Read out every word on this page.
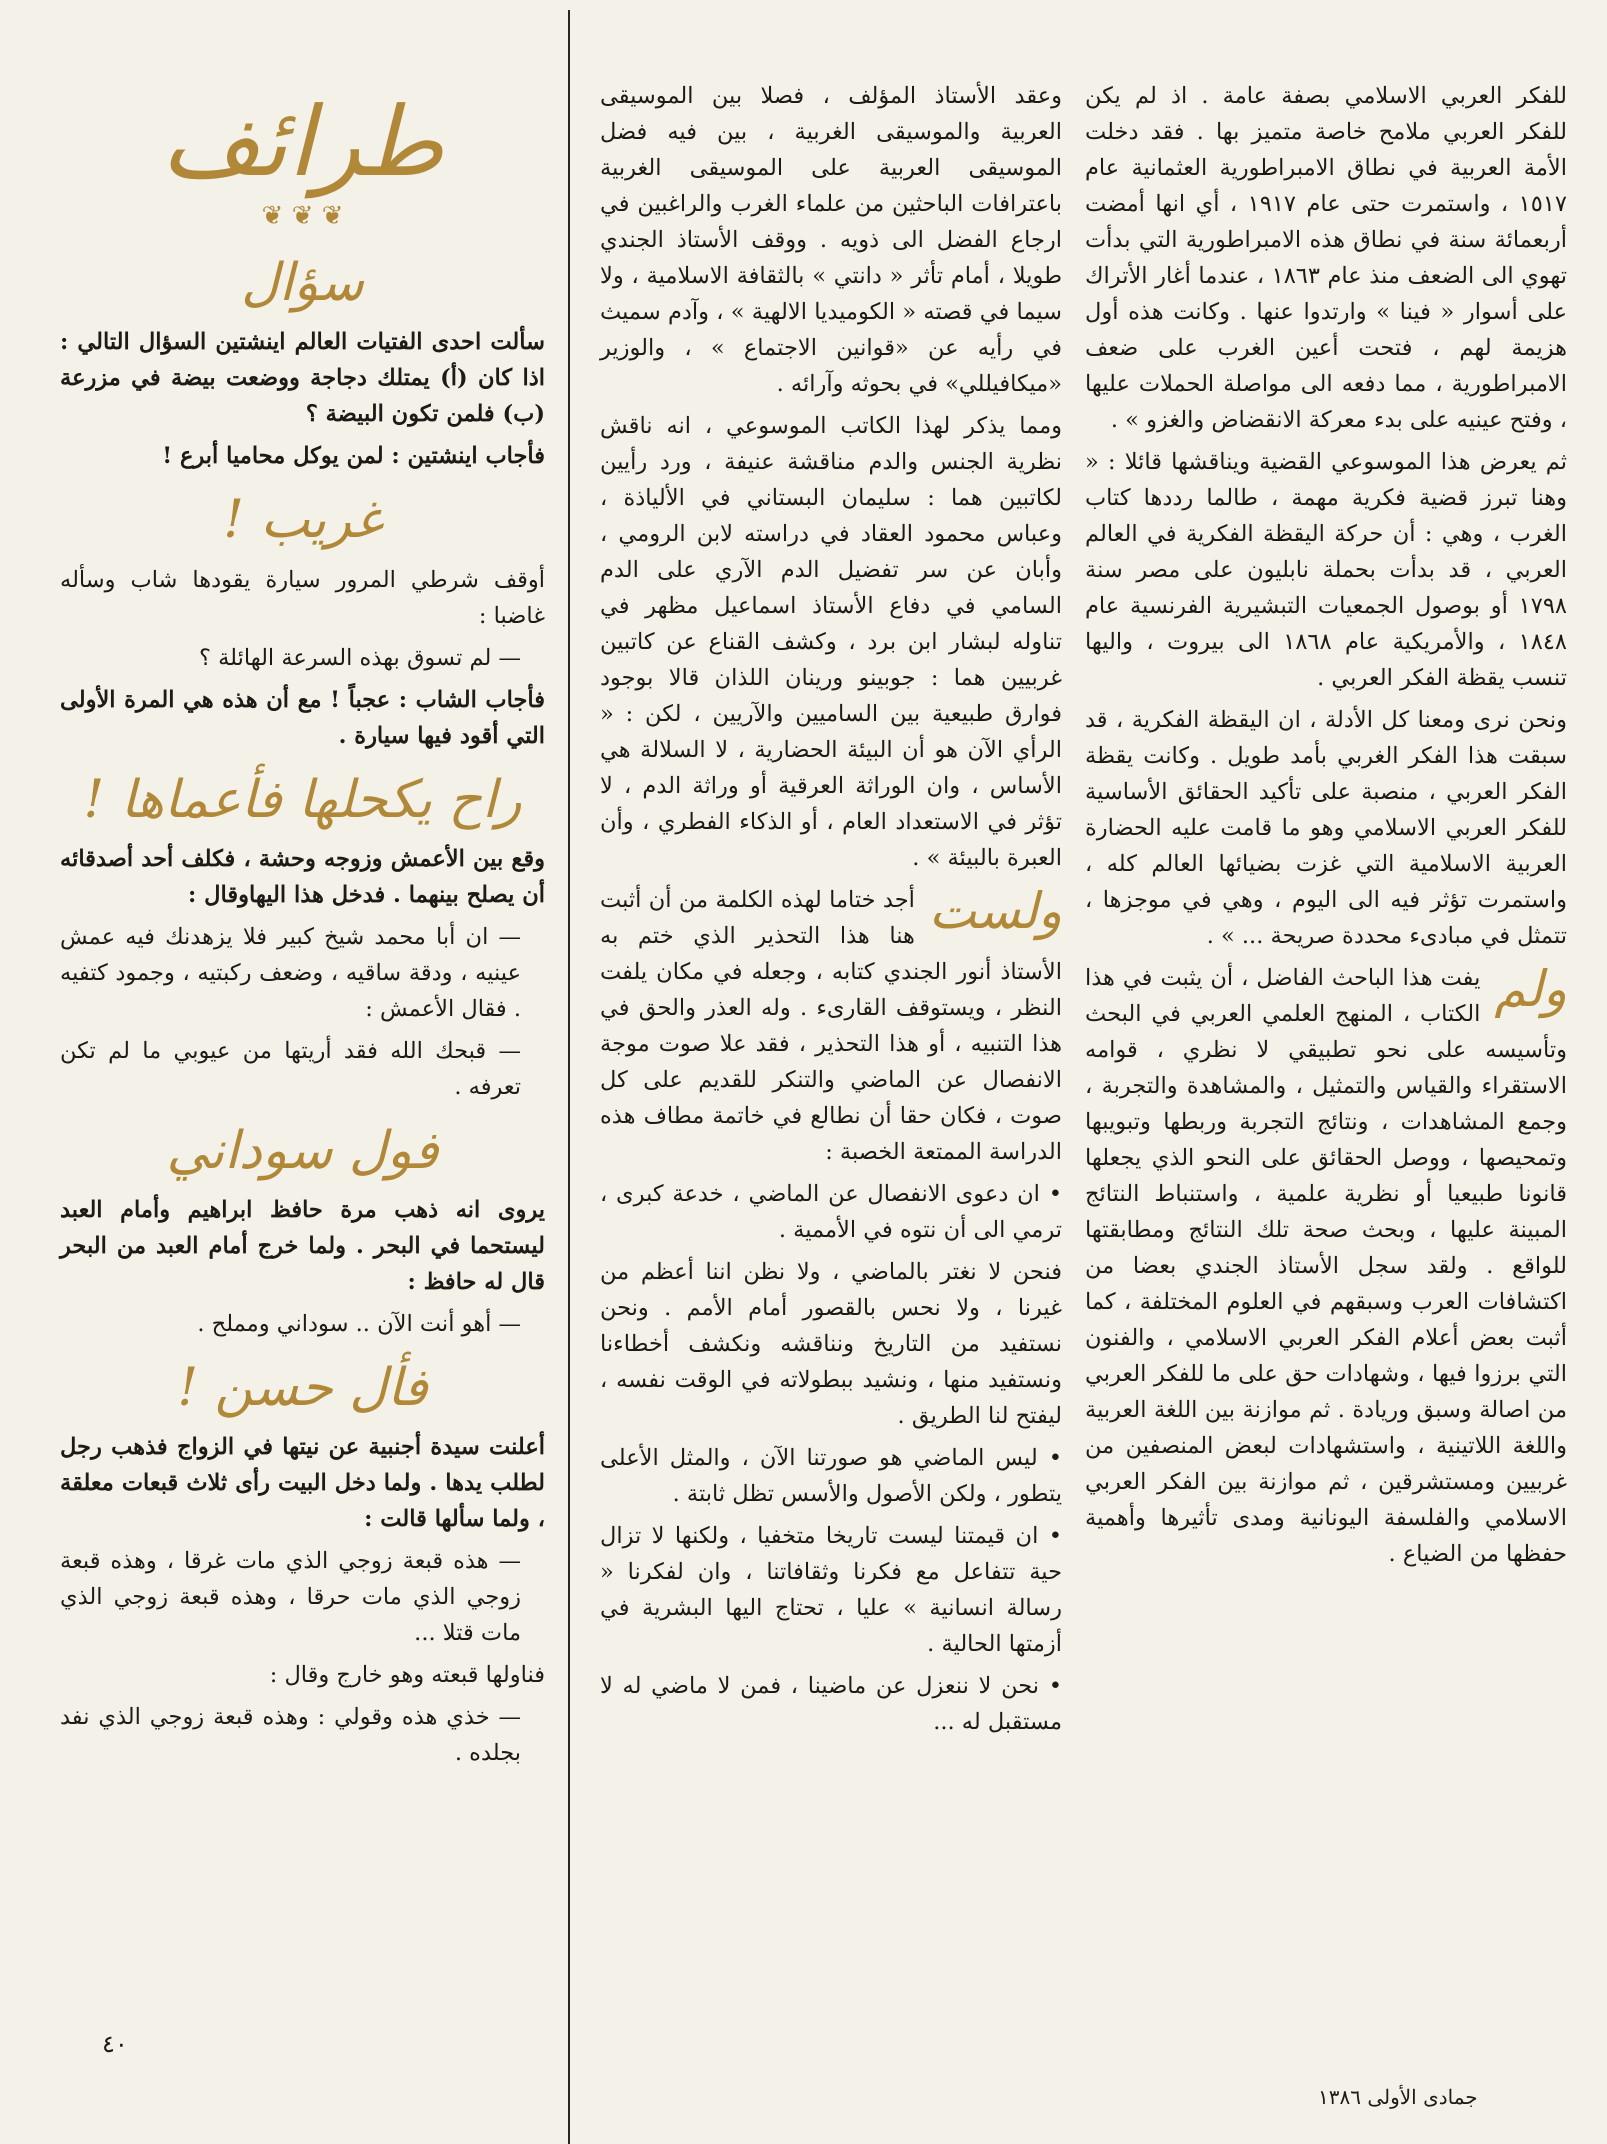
للفكر العربي الاسلامي بصفة عامة . اذ لم يكن للفكر العربي ملامح خاصة متميز بها . فقد دخلت الأمة العربية في نطاق الامبراطورية العثمانية عام ١٥١٧ ، واستمرت حتى عام ١٩١٧ ، أي انها أمضت أربعمائة سنة في نطاق هذه الامبراطورية التي بدأت تهوي الى الضعف منذ عام ١٨٦٣ ، عندما أغار الأتراك على أسوار « فينا » وارتدوا عنها . وكانت هذه أول هزيمة لهم ، فتحت أعين الغرب على ضعف الامبراطورية ، مما دفعه الى مواصلة الحملات عليها ، وفتح عينيه على بدء معركة الانقضاض والغزو » .

ثم يعرض هذا الموسوعي القضية ويناقشها قائلا : « وهنا تبرز قضية فكرية مهمة ، طالما رددها كتاب الغرب ، وهي : أن حركة اليقظة الفكرية في العالم العربي ، قد بدأت بحملة نابليون على مصر سنة ١٧٩٨ أو بوصول الجمعيات التبشيرية الفرنسية عام ١٨٤٨ ، والأمريكية عام ١٨٦٨ الى بيروت ، واليها تنسب يقظة الفكر العربي .

ونحن نرى ومعنا كل الأدلة ، ان اليقظة الفكرية ، قد سبقت هذا الفكر الغربي بأمد طويل . وكانت يقظة الفكر العربي ، منصبة على تأكيد الحقائق الأساسية للفكر العربي الاسلامي وهو ما قامت عليه الحضارة العربية الاسلامية التي غزت بضيائها العالم كله ، واستمرت تؤثر فيه الى اليوم ، وهي في موجزها ، تتمثل في مبادىء محددة صريحة ... » .

ولم
يفت هذا الباحث الفاضل ، أن يثبت في هذا الكتاب ، المنهج العلمي العربي في البحث وتأسيسه على نحو تطبيقي لا نظري ، قوامه الاستقراء والقياس والتمثيل ، والمشاهدة والتجربة ، وجمع المشاهدات ، ونتائج التجربة وربطها وتبويبها وتمحيصها ، ووصل الحقائق على النحو الذي يجعلها قانونا طبيعيا أو نظرية علمية ، واستنباط النتائج المبينة عليها ، وبحث صحة تلك النتائج ومطابقتها للواقع . ولقد سجل الأستاذ الجندي بعضا من اكتشافات العرب وسبقهم في العلوم المختلفة ، كما أثبت بعض أعلام الفكر العربي الاسلامي ، والفنون التي برزوا فيها ، وشهادات حق على ما للفكر العربي من اصالة وسبق وريادة . ثم موازنة بين اللغة العربية واللغة اللاتينية ، واستشهادات لبعض المنصفين من غربيين ومستشرقين ، ثم موازنة بين الفكر العربي الاسلامي والفلسفة اليونانية ومدى تأثيرها وأهمية حفظها من الضياع .

وعقد الأستاذ المؤلف ، فصلا بين الموسيقى العربية والموسيقى الغربية ، بين فيه فضل الموسيقى العربية على الموسيقى الغربية باعترافات الباحثين من علماء الغرب والراغبين في ارجاع الفضل الى ذويه . ووقف الأستاذ الجندي طويلا ، أمام تأثر « دانتي » بالثقافة الاسلامية ، ولا سيما في قصته « الكوميديا الالهية » ، وآدم سميث في رأيه عن «قوانين الاجتماع » ، والوزير «ميكافيللي» في بحوثه وآرائه .

ومما يذكر لهذا الكاتب الموسوعي ، انه ناقش نظرية الجنس والدم مناقشة عنيفة ، ورد رأيين لكاتبين هما : سليمان البستاني في الألياذة ، وعباس محمود العقاد في دراسته لابن الرومي ، وأبان عن سر تفضيل الدم الآري على الدم السامي في دفاع الأستاذ اسماعيل مظهر في تناوله لبشار ابن برد ، وكشف القناع عن كاتبين غربيين هما : جوبينو ورينان اللذان قالا بوجود فوارق طبيعية بين الساميين والآريين ، لكن : « الرأي الآن هو أن البيئة الحضارية ، لا السلالة هي الأساس ، وان الوراثة العرقية أو وراثة الدم ، لا تؤثر في الاستعداد العام ، أو الذكاء الفطري ، وأن العبرة بالبيئة » .

ولست
أجد ختاما لهذه الكلمة من أن أثبت هنا هذا التحذير الذي ختم به الأستاذ أنور الجندي كتابه ، وجعله في مكان يلفت النظر ، ويستوقف القارىء . وله العذر والحق في هذا التنبيه ، أو هذا التحذير ، فقد علا صوت موجة الانفصال عن الماضي والتنكر للقديم على كل صوت ، فكان حقا أن نطالع في خاتمة مطاف هذه الدراسة الممتعة الخصبة :

• ان دعوى الانفصال عن الماضي ، خدعة كبرى ، ترمي الى أن نتوه في الأممية .

فنحن لا نغتر بالماضي ، ولا نظن اننا أعظم من غيرنا ، ولا نحس بالقصور أمام الأمم . ونحن نستفيد من التاريخ ونناقشه ونكشف أخطاءنا ونستفيد منها ، ونشيد ببطولاته في الوقت نفسه ، ليفتح لنا الطريق .

• ليس الماضي هو صورتنا الآن ، والمثل الأعلى يتطور ، ولكن الأصول والأسس تظل ثابتة .

• ان قيمتنا ليست تاريخا متخفيا ، ولكنها لا تزال حية تتفاعل مع فكرنا وثقافاتنا ، وان لفكرنا « رسالة انسانية » عليا ، تحتاج اليها البشرية في أزمتها الحالية .

• نحن لا ننعزل عن ماضينا ، فمن لا ماضي له لا مستقبل له ...

طرائف
❦ ❦ ❦
سؤال

سألت احدى الفتيات العالم اينشتين السؤال التالي : اذا كان (أ) يمتلك دجاجة ووضعت بيضة في مزرعة (ب) فلمن تكون البيضة ؟

فأجاب اينشتين : لمن يوكل محاميا أبرع !

غريب !

أوقف شرطي المرور سيارة يقودها شاب وسأله غاضبا :

— لم تسوق بهذه السرعة الهائلة ؟

فأجاب الشاب : عجباً ! مع أن هذه هي المرة الأولى التي أقود فيها سيارة .

راح يكحلها فأعماها !

وقع بين الأعمش وزوجه وحشة ، فكلف أحد أصدقائه أن يصلح بينهما . فدخل هذا اليهاوقال :

— ان أبا محمد شيخ كبير فلا يزهدنك فيه عمش عينيه ، ودقة ساقيه ، وضعف ركبتيه ، وجمود كتفيه . فقال الأعمش :

— قبحك الله فقد أريتها من عيوبي ما لم تكن تعرفه .

فول سوداني

يروى انه ذهب مرة حافظ ابراهيم وأمام العبد ليستحما في البحر . ولما خرج أمام العبد من البحر قال له حافظ :

— أهو أنت الآن .. سوداني ومملح .

فأل حسن !

أعلنت سيدة أجنبية عن نيتها في الزواج فذهب رجل لطلب يدها . ولما دخل البيت رأى ثلاث قبعات معلقة ، ولما سألها قالت :

— هذه قبعة زوجي الذي مات غرقا ، وهذه قبعة زوجي الذي مات حرقا ، وهذه قبعة زوجي الذي مات قتلا ...

فناولها قبعته وهو خارج وقال :

— خذي هذه وقولي : وهذه قبعة زوجي الذي نفد بجلده .

٤٠
جمادى الأولى ١٣٨٦
